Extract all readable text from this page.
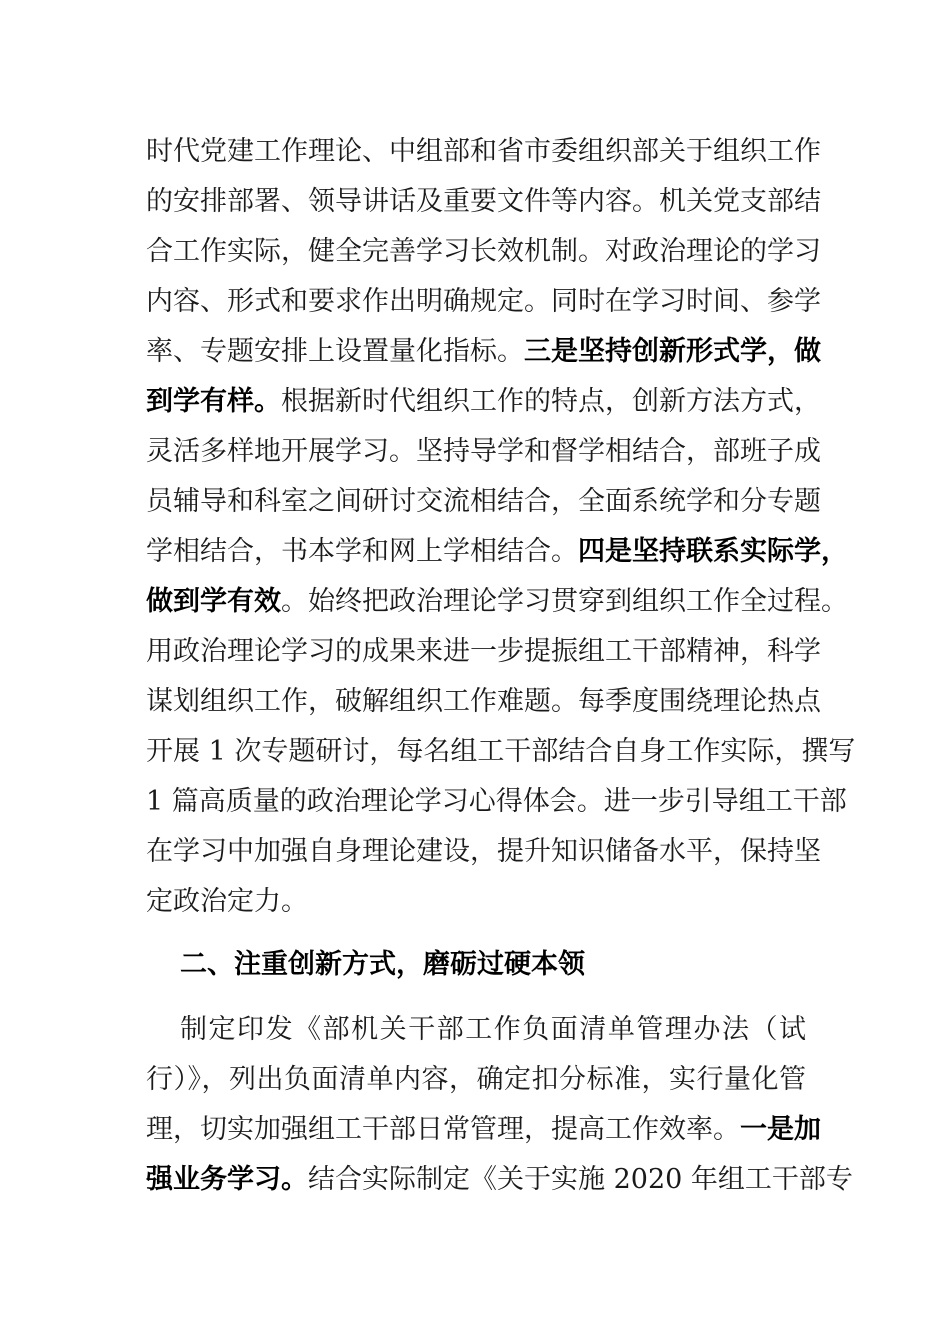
时代党建工作理论、中组部和省市委组织部关于组织工作
的安排部署、领导讲话及重要文件等内容。机关党支部结
合工作实际，健全完善学习长效机制。对政治理论的学习
内容、形式和要求作出明确规定。同时在学习时间、参学
率、专题安排上设置量化指标。三是坚持创新形式学，做
到学有样。根据新时代组织工作的特点，创新方法方式，
灵活多样地开展学习。坚持导学和督学相结合，部班子成
员辅导和科室之间研讨交流相结合，全面系统学和分专题
学相结合，书本学和网上学相结合。四是坚持联系实际学，
做到学有效。始终把政治理论学习贯穿到组织工作全过程。
用政治理论学习的成果来进一步提振组工干部精神，科学
谋划组织工作，破解组织工作难题。每季度围绕理论热点
开展 1 次专题研讨，每名组工干部结合自身工作实际，撰写
1 篇高质量的政治理论学习心得体会。进一步引导组工干部
在学习中加强自身理论建设，提升知识储备水平，保持坚
定政治定力。
二、注重创新方式，磨砺过硬本领
制定印发《部机关干部工作负面清单管理办法（试
行）》，列出负面清单内容，确定扣分标准，实行量化管
理，切实加强组工干部日常管理，提高工作效率。一是加
强业务学习。结合实际制定《关于实施 2020 年组工干部专
